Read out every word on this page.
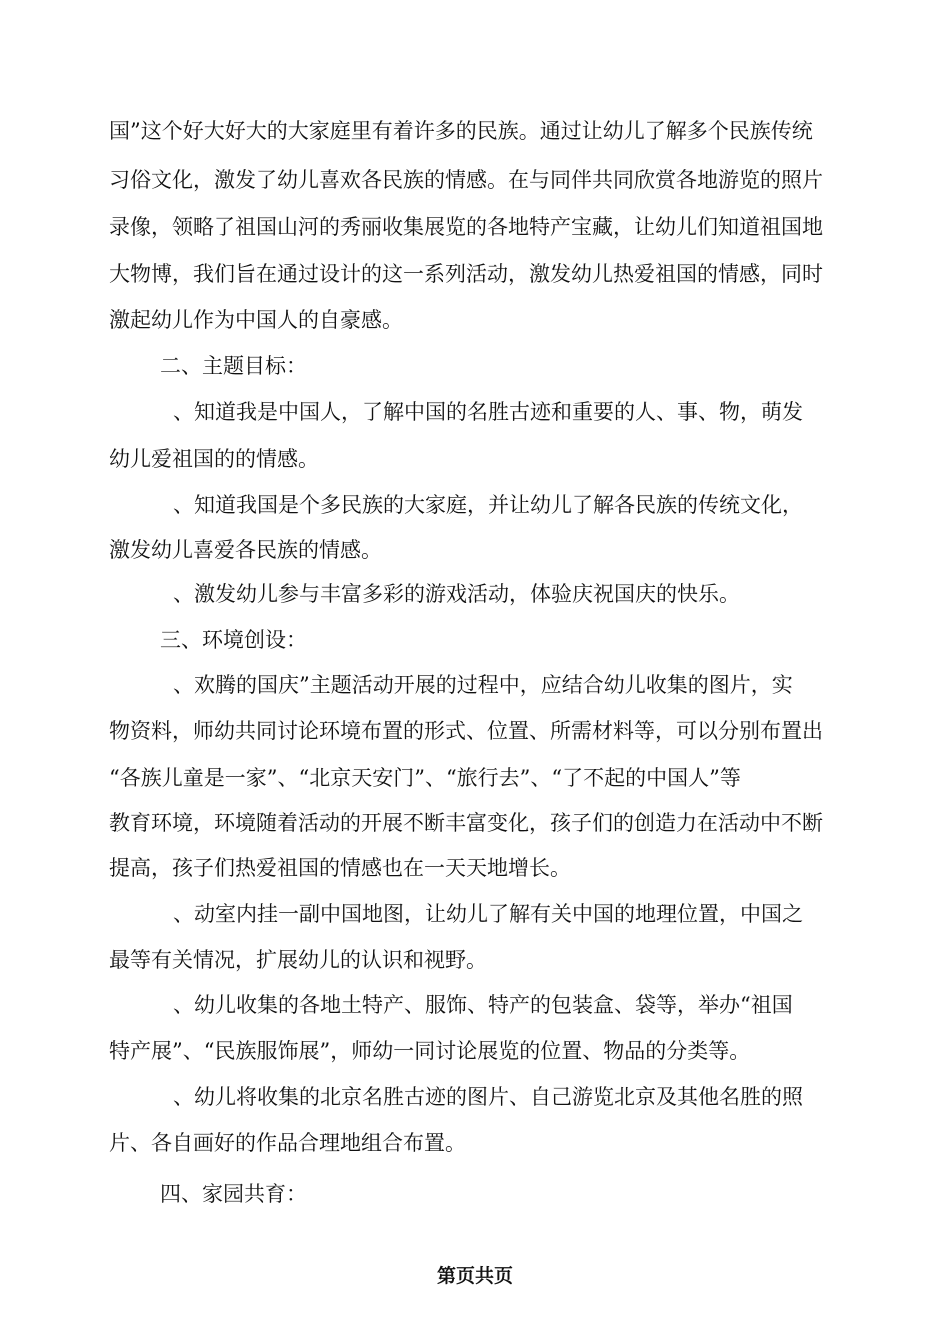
国”这个好大好大的大家庭里有着许多的民族。通过让幼儿了解多个民族传统
习俗文化，激发了幼儿喜欢各民族的情感。在与同伴共同欣赏各地游览的照片
录像，领略了祖国山河的秀丽收集展览的各地特产宝藏，让幼儿们知道祖国地
大物博，我们旨在通过设计的这一系列活动，激发幼儿热爱祖国的情感，同时
激起幼儿作为中国人的自豪感。
二、主题目标：
、知道我是中国人，了解中国的名胜古迹和重要的人、事、物，萌发
幼儿爱祖国的的情感。
、知道我国是个多民族的大家庭，并让幼儿了解各民族的传统文化，
激发幼儿喜爱各民族的情感。
、激发幼儿参与丰富多彩的游戏活动，体验庆祝国庆的快乐。
三、环境创设：
、欢腾的国庆”主题活动开展的过程中，应结合幼儿收集的图片，实
物资料，师幼共同讨论环境布置的形式、位置、所需材料等，可以分别布置出
“各族儿童是一家”、“北京天安门”、“旅行去”、“了不起的中国人”等
教育环境，环境随着活动的开展不断丰富变化，孩子们的创造力在活动中不断
提高，孩子们热爱祖国的情感也在一天天地增长。
、动室内挂一副中国地图，让幼儿了解有关中国的地理位置，中国之
最等有关情况，扩展幼儿的认识和视野。
、幼儿收集的各地土特产、服饰、特产的包装盒、袋等，举办“祖国
特产展”、“民族服饰展”，师幼一同讨论展览的位置、物品的分类等。
、幼儿将收集的北京名胜古迹的图片、自己游览北京及其他名胜的照
片、各自画好的作品合理地组合布置。
四、家园共育：
第页共页
